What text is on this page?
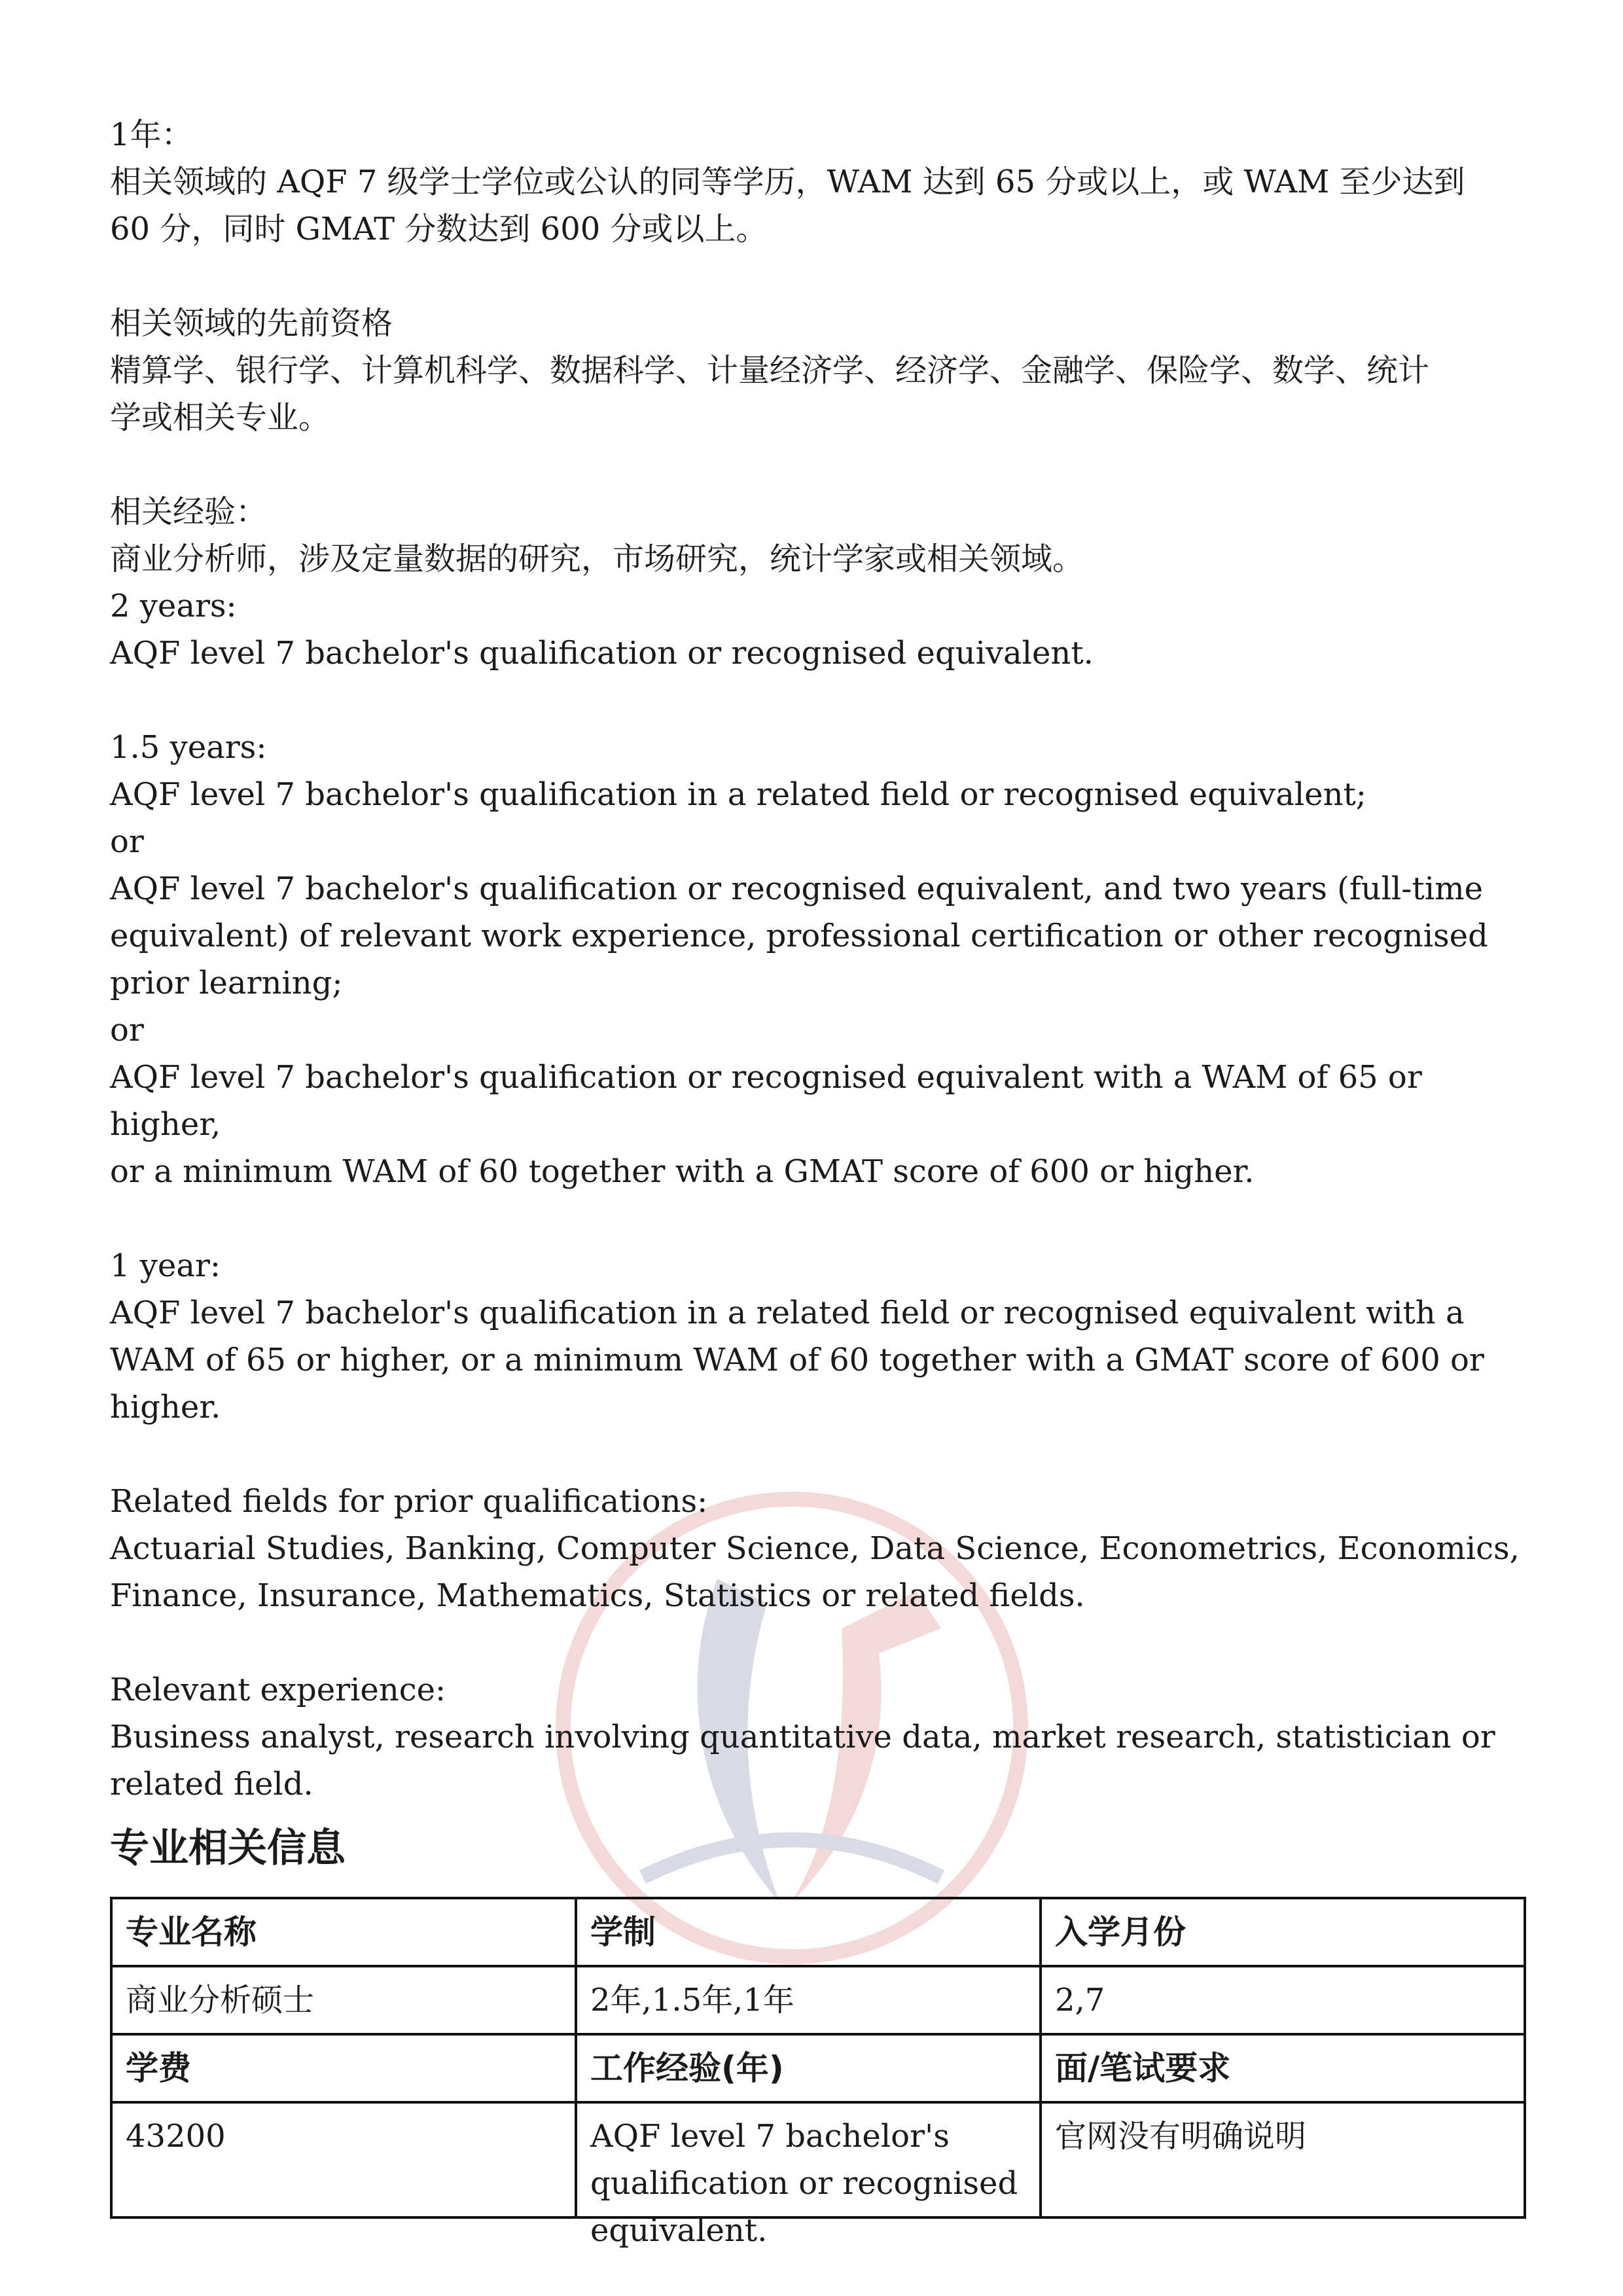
1年：
相关领域的 AQF 7 级学士学位或公认的同等学历，WAM 达到 65 分或以上，或 WAM 至少达到
60 分，同时 GMAT 分数达到 600 分或以上。

相关领域的先前资格
精算学、银行学、计算机科学、数据科学、计量经济学、经济学、金融学、保险学、数学、统计
学或相关专业。

相关经验：
商业分析师，涉及定量数据的研究，市场研究，统计学家或相关领域。
2 years:
AQF level 7 bachelor's qualification or recognised equivalent.

1.5 years:
AQF level 7 bachelor's qualification in a related field or recognised equivalent;
or
AQF level 7 bachelor's qualification or recognised equivalent, and two years (full-time
equivalent) of relevant work experience, professional certification or other recognised
prior learning;
or
AQF level 7 bachelor's qualification or recognised equivalent with a WAM of 65 or higher,
or a minimum WAM of 60 together with a GMAT score of 600 or higher.

1 year:
AQF level 7 bachelor's qualification in a related field or recognised equivalent with a
WAM of 65 or higher, or a minimum WAM of 60 together with a GMAT score of 600 or
higher.

Related fields for prior qualifications:
Actuarial Studies, Banking, Computer Science, Data Science, Econometrics, Economics,
Finance, Insurance, Mathematics, Statistics or related fields.

Relevant experience:
Business analyst, research involving quantitative data, market research, statistician or
related field.

专业相关信息
专业名称	学制	入学月份
商业分析硕士	2年,1.5年,1年	2,7
学费	工作经验(年)	面/笔试要求
43200	AQF level 7 bachelor's qualification or recognised equivalent.	官网没有明确说明
